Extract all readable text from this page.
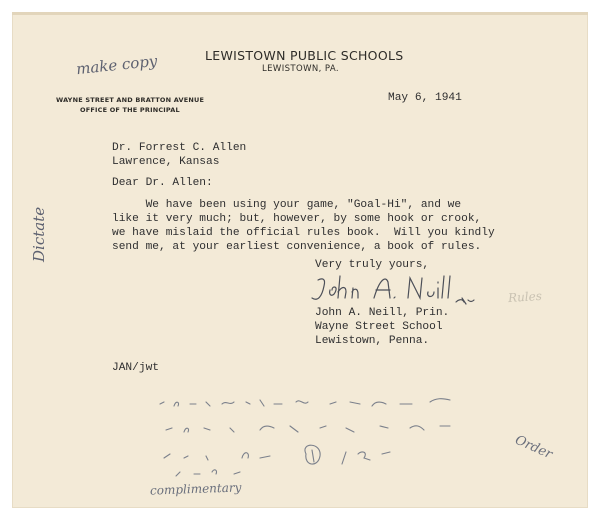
LEWISTOWN PUBLIC SCHOOLS
LEWISTOWN, PA.
WAYNE STREET AND BRATTON AVENUE
OFFICE OF THE PRINCIPAL
make copy
Dictate
Rules
May 6, 1941
Dr. Forrest C. Allen
Lawrence, Kansas
Dear Dr. Allen:
We have been using your game, "Goal-Hi", and we
like it very much; but, however, by some hook or crook,
we have mislaid the official rules book.  Will you kindly
send me, at your earliest convenience, a book of rules.
Very truly yours,
John A. Neill, Prin.
Wayne Street School
Lewistown, Penna.
JAN/jwt
Order
complimentary
